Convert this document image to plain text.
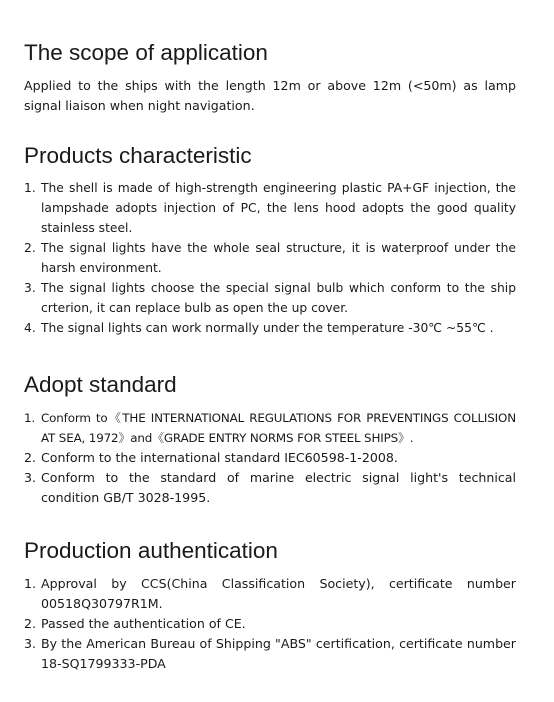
The scope of application

Applied to the ships with the length 12m or above 12m (<50m) as lamp signal liaison when night navigation.

Products characteristic
1. The shell is made of high-strength engineering plastic PA+GF injection, the lampshade adopts injection of PC, the lens hood adopts the good quality stainless steel.
2. The signal lights have the whole seal structure, it is waterproof under the harsh environment.
3. The signal lights choose the special signal bulb which conform to the ship crterion, it can replace bulb as open the up cover.
4. The signal lights can work normally under the temperature -30℃ ~55℃ .
Adopt standard
1. Conform to《THE INTERNATIONAL REGULATIONS FOR PREVENTINGS COLLISION AT SEA, 1972》and《GRADE ENTRY NORMS FOR STEEL SHIPS》.
2. Conform to the international standard IEC60598-1-2008.
3. Conform to the standard of marine electric signal light's technical condition GB/T 3028-1995.
Production authentication
1. Approval by CCS(China Classification Society), certificate number 00518Q30797R1M.
2. Passed the authentication of CE.
3. By the American Bureau of Shipping "ABS" certification, certificate number 18-SQ1799333-PDA
